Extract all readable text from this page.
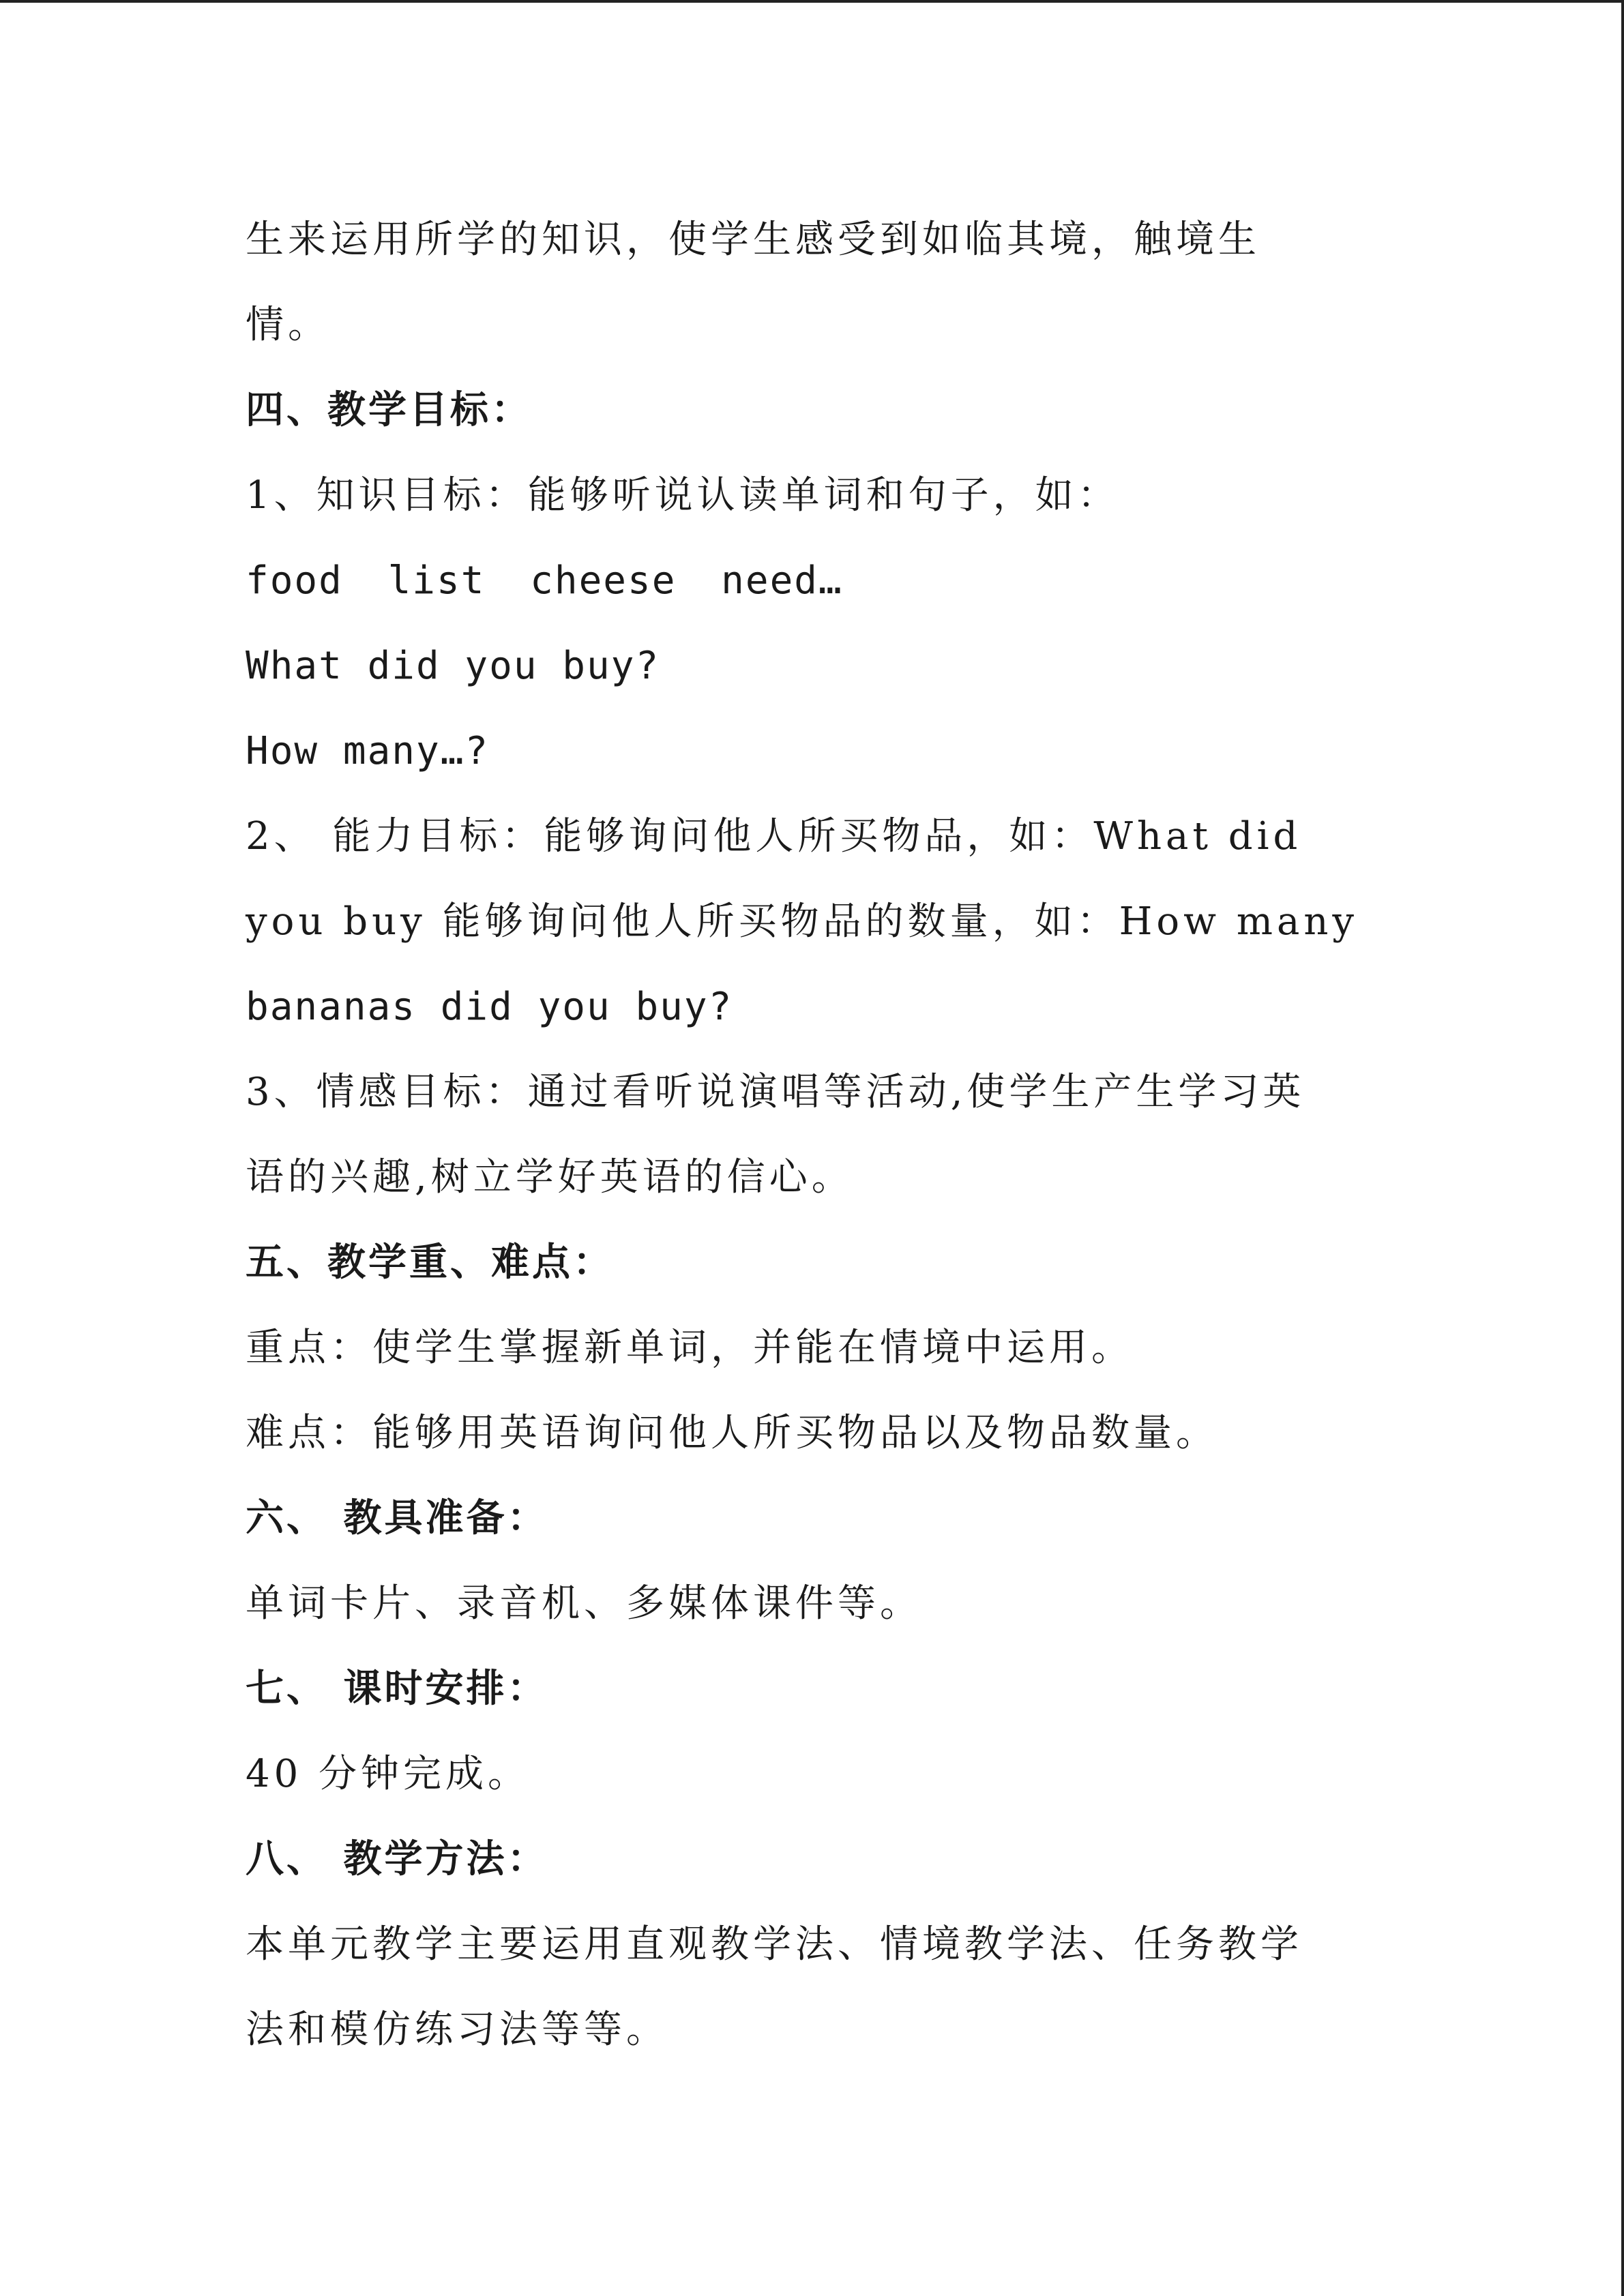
生来运用所学的知识，使学生感受到如临其境，触境生
情。
四、教学目标：
1、知识目标：能够听说认读单词和句子，如：
food list cheese need…
What did you buy?
How many…?
2、 能力目标：能够询问他人所买物品，如：What did
you buy 能够询问他人所买物品的数量，如：How many
bananas did you buy?
3、情感目标：通过看听说演唱等活动,使学生产生学习英
语的兴趣,树立学好英语的信心。
五、教学重、难点：
重点：使学生掌握新单词，并能在情境中运用。
难点：能够用英语询问他人所买物品以及物品数量。
六、 教具准备：
单词卡片、录音机、多媒体课件等。
七、 课时安排：
40 分钟完成。
八、 教学方法：
本单元教学主要运用直观教学法、情境教学法、任务教学
法和模仿练习法等等。
